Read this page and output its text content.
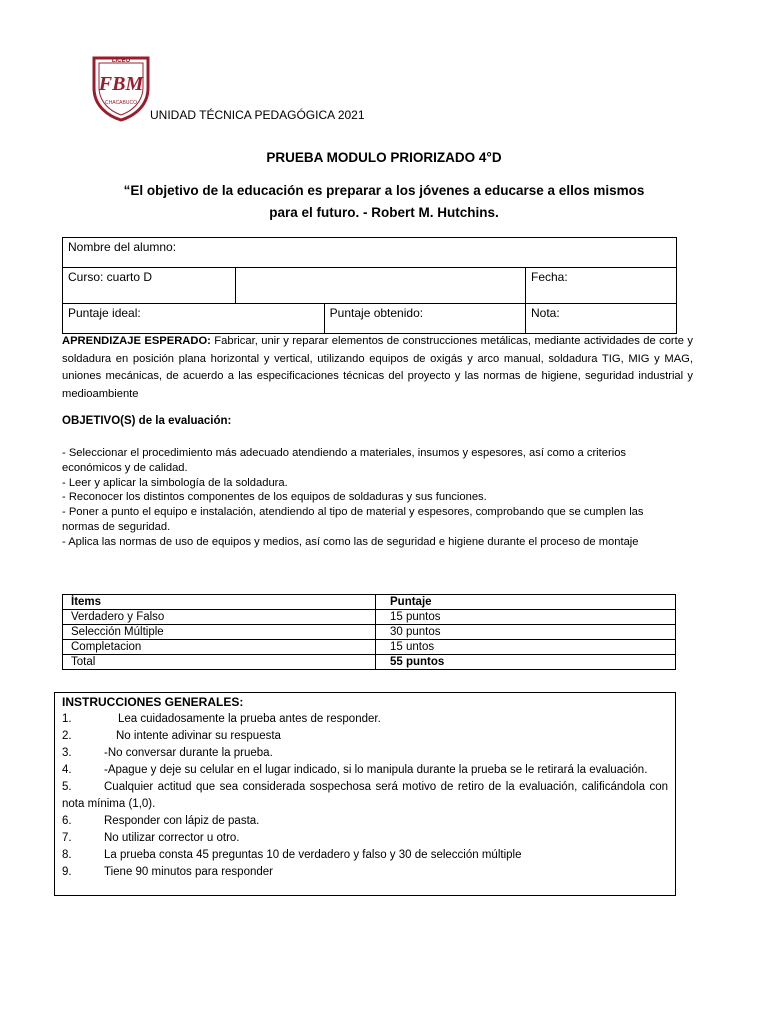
LICEO
FBM
CHACABUCO
UNIDAD TÉCNICA PEDAGÓGICA 2021
PRUEBA MODULO PRIORIZADO 4°D
“El objetivo de la educación es preparar a los jóvenes a educarse a ellos mismos
para el futuro. - Robert M. Hutchins.
Nombre del alumno:			
Curso: cuarto D			Fecha:
Puntaje ideal:		Puntaje obtenido:	Nota:
APRENDIZAJE ESPERADO: Fabricar, unir y reparar elementos de construcciones metálicas, mediante actividades de corte y soldadura en posición plana horizontal y vertical, utilizando equipos de oxigás y arco manual, soldadura TIG, MIG y MAG, uniones mecánicas, de acuerdo a las especificaciones técnicas del proyecto y las normas de higiene, seguridad industrial y medioambiente
OBJETIVO(S) de la evaluación:
- Seleccionar el procedimiento más adecuado atendiendo a materiales, insumos y espesores, así como a criterios económicos y de calidad.
- Leer y aplicar la simbología de la soldadura.
- Reconocer los distintos componentes de los equipos de soldaduras y sus funciones.
- Poner a punto el equipo e instalación, atendiendo al tipo de material y espesores, comprobando que se cumplen las normas de seguridad.
- Aplica las normas de uso de equipos y medios, así como las de seguridad e higiene durante el proceso de montaje
Ítems	Puntaje
Verdadero y Falso	15 puntos
Selección Múltiple	30 puntos
Completacion	15 untos
Total	55 puntos
INSTRUCCIONES GENERALES:
1.	Lea cuidadosamente la prueba antes de responder.
2.	No intente adivinar su respuesta
3.	-No conversar durante la prueba.
4.	-Apague y deje su celular en el lugar indicado, si lo manipula durante la prueba se le retirará la evaluación.
5.	Cualquier actitud que sea considerada sospechosa será motivo de retiro de la evaluación, calificándola con nota mínima (1,0).
6.	Responder con lápiz de pasta.
7.	No utilizar corrector u otro.
8.	La prueba consta 45 preguntas 10 de verdadero y falso y 30 de selección múltiple
9.	Tiene 90 minutos para responder
